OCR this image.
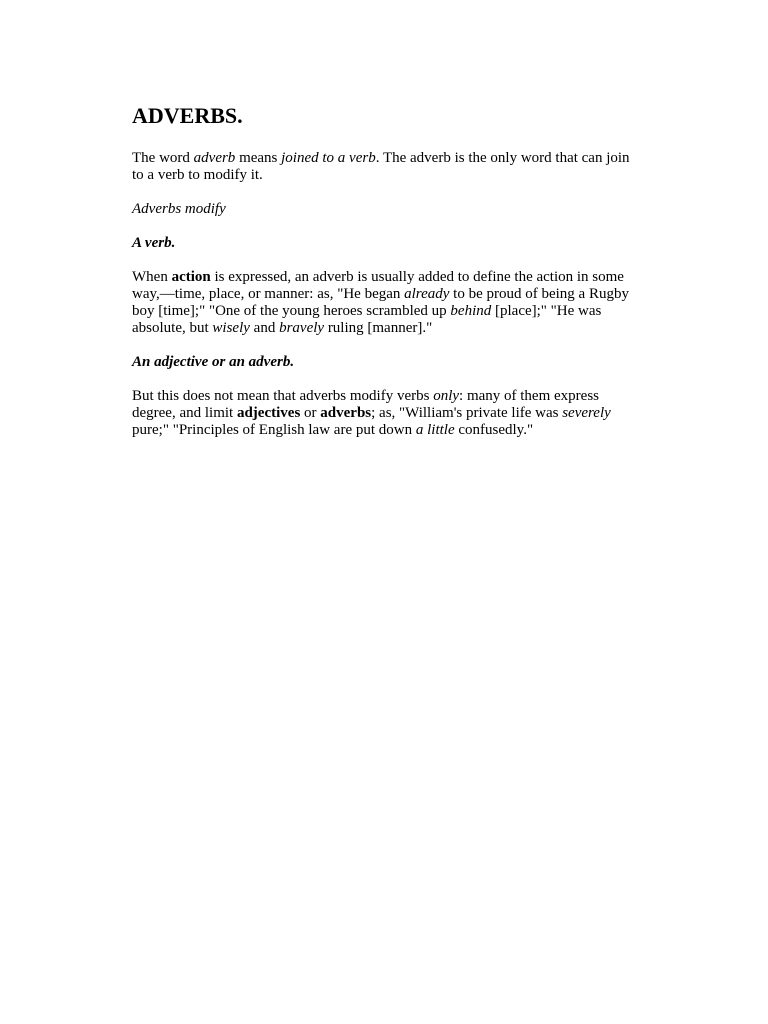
ADVERBS.

The word adverb means joined to a verb. The adverb is the only word that can join to a verb to modify it.

Adverbs modify

A verb.

When action is expressed, an adverb is usually added to define the action in some way,—time, place, or manner: as, "He began already to be proud of being a Rugby boy [time];" "One of the young heroes scrambled up behind [place];" "He was absolute, but wisely and bravely ruling [manner]."

An adjective or an adverb.

But this does not mean that adverbs modify verbs only: many of them express degree, and limit adjectives or adverbs; as, "William's private life was severely pure;" "Principles of English law are put down a little confusedly."
